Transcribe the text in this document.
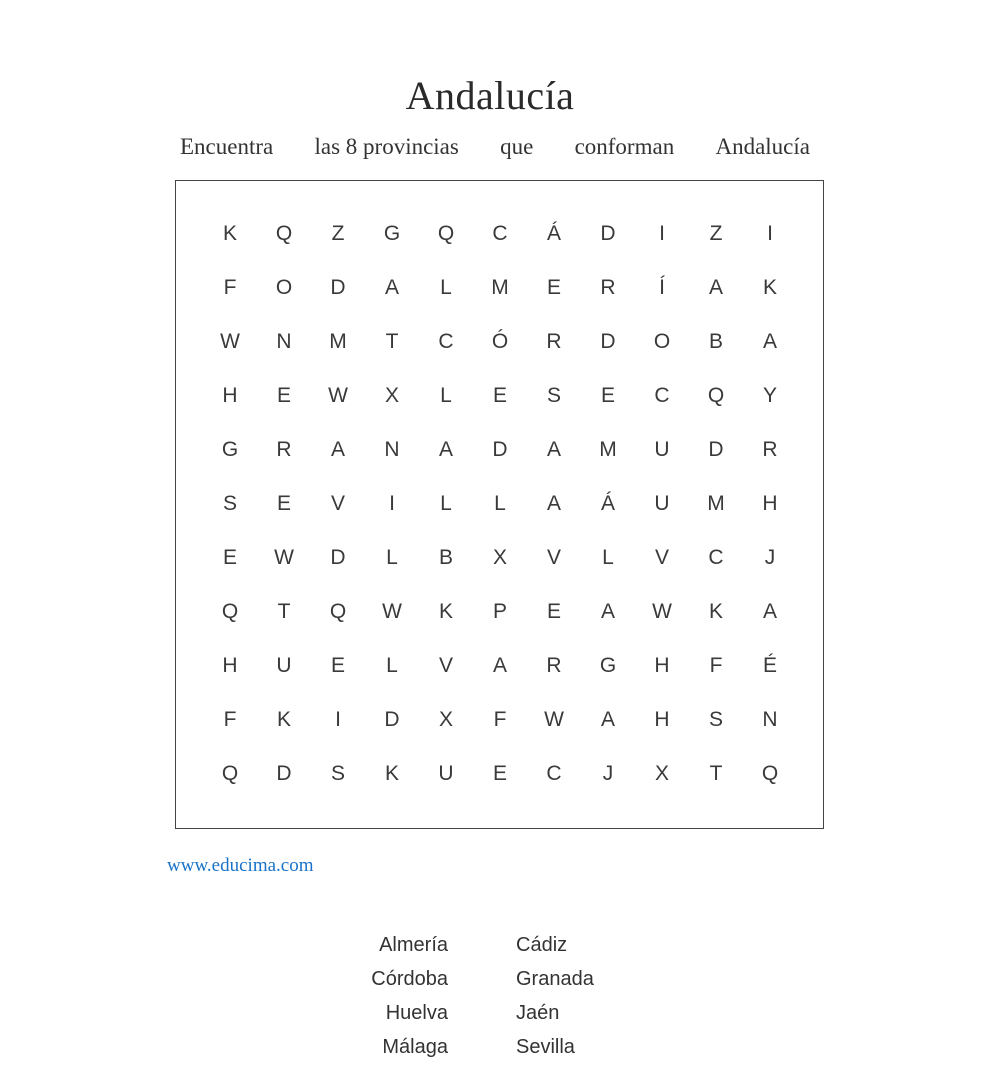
Andalucía
Encuentra las 8 provincias que conforman Andalucía
K	Q	Z	G	Q	C	Á	D	I	Z	I
F	O	D	A	L	M	E	R	Í	A	K
W	N	M	T	C	Ó	R	D	O	B	A
H	E	W	X	L	E	S	E	C	Q	Y
G	R	A	N	A	D	A	M	U	D	R
S	E	V	I	L	L	A	Á	U	M	H
E	W	D	L	B	X	V	L	V	C	J
Q	T	Q	W	K	P	E	A	W	K	A
H	U	E	L	V	A	R	G	H	F	É
F	K	I	D	X	F	W	A	H	S	N
Q	D	S	K	U	E	C	J	X	T	Q
www.educima.com
Almería	Cádiz
Córdoba	Granada
Huelva	Jaén
Málaga	Sevilla
